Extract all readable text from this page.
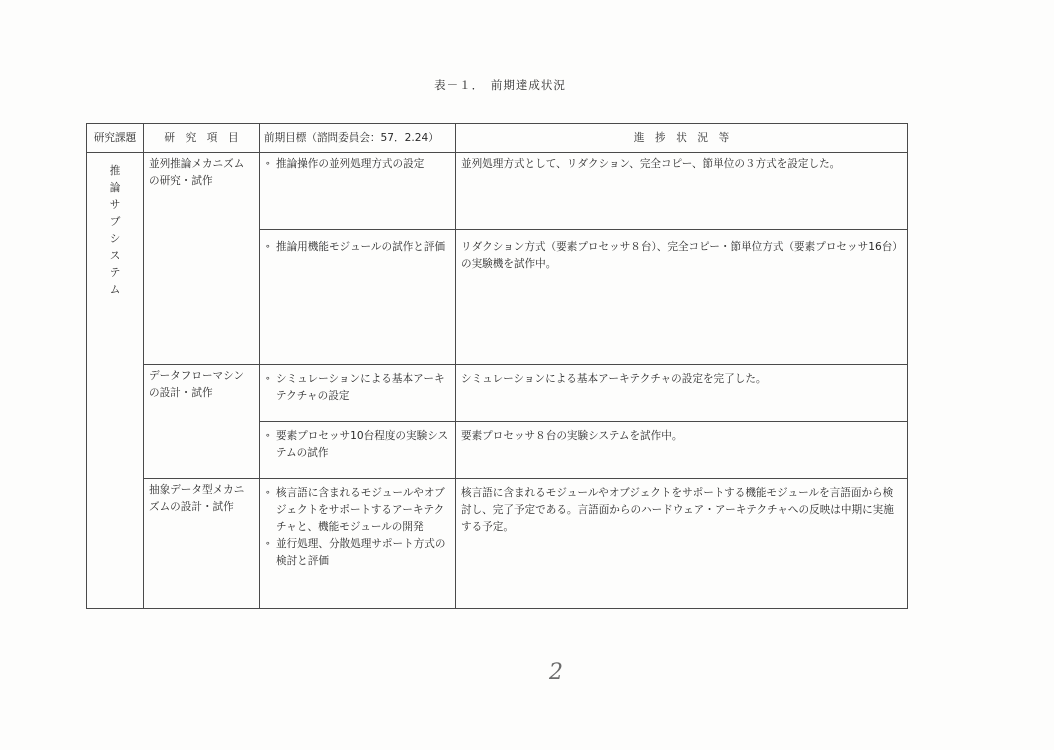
表－１．　前期達成状況
研究課題	研　究　項　目	前期目標（諮問委員会：57．2.24）	進　捗　状　況　等
推論サブシステム	並列推論メカニズムの研究・試作	∘ 推論操作の並列処理方式の設定	並列処理方式として、リダクション、完全コピー、節単位の３方式を設定した。

		∘ 推論用機能モジュールの試作と評価	リダクション方式（要素プロセッサ８台）、完全コピー・節単位方式（要素プロセッサ16台）の実験機を試作中。
	データフローマシンの設計・試作	∘ シミュレーションによる基本アーキテクチャの設定	シミュレーションによる基本アーキテクチャの設定を完了した。

		∘ 要素プロセッサ10台程度の実験システムの試作	要素プロセッサ８台の実験システムを試作中。
	抽象データ型メカニズムの設計・試作	∘ 核言語に含まれるモジュールやオブジェクトをサポートするアーキテクチャと、機能モジュールの開発
∘ 並行処理、分散処理サポート方式の検討と評価	核言語に含まれるモジュールやオブジェクトをサポートする機能モジュールを言語面から検討し、完了予定である。言語面からのハードウェア・アーキテクチャへの反映は中期に実施する予定。
2
